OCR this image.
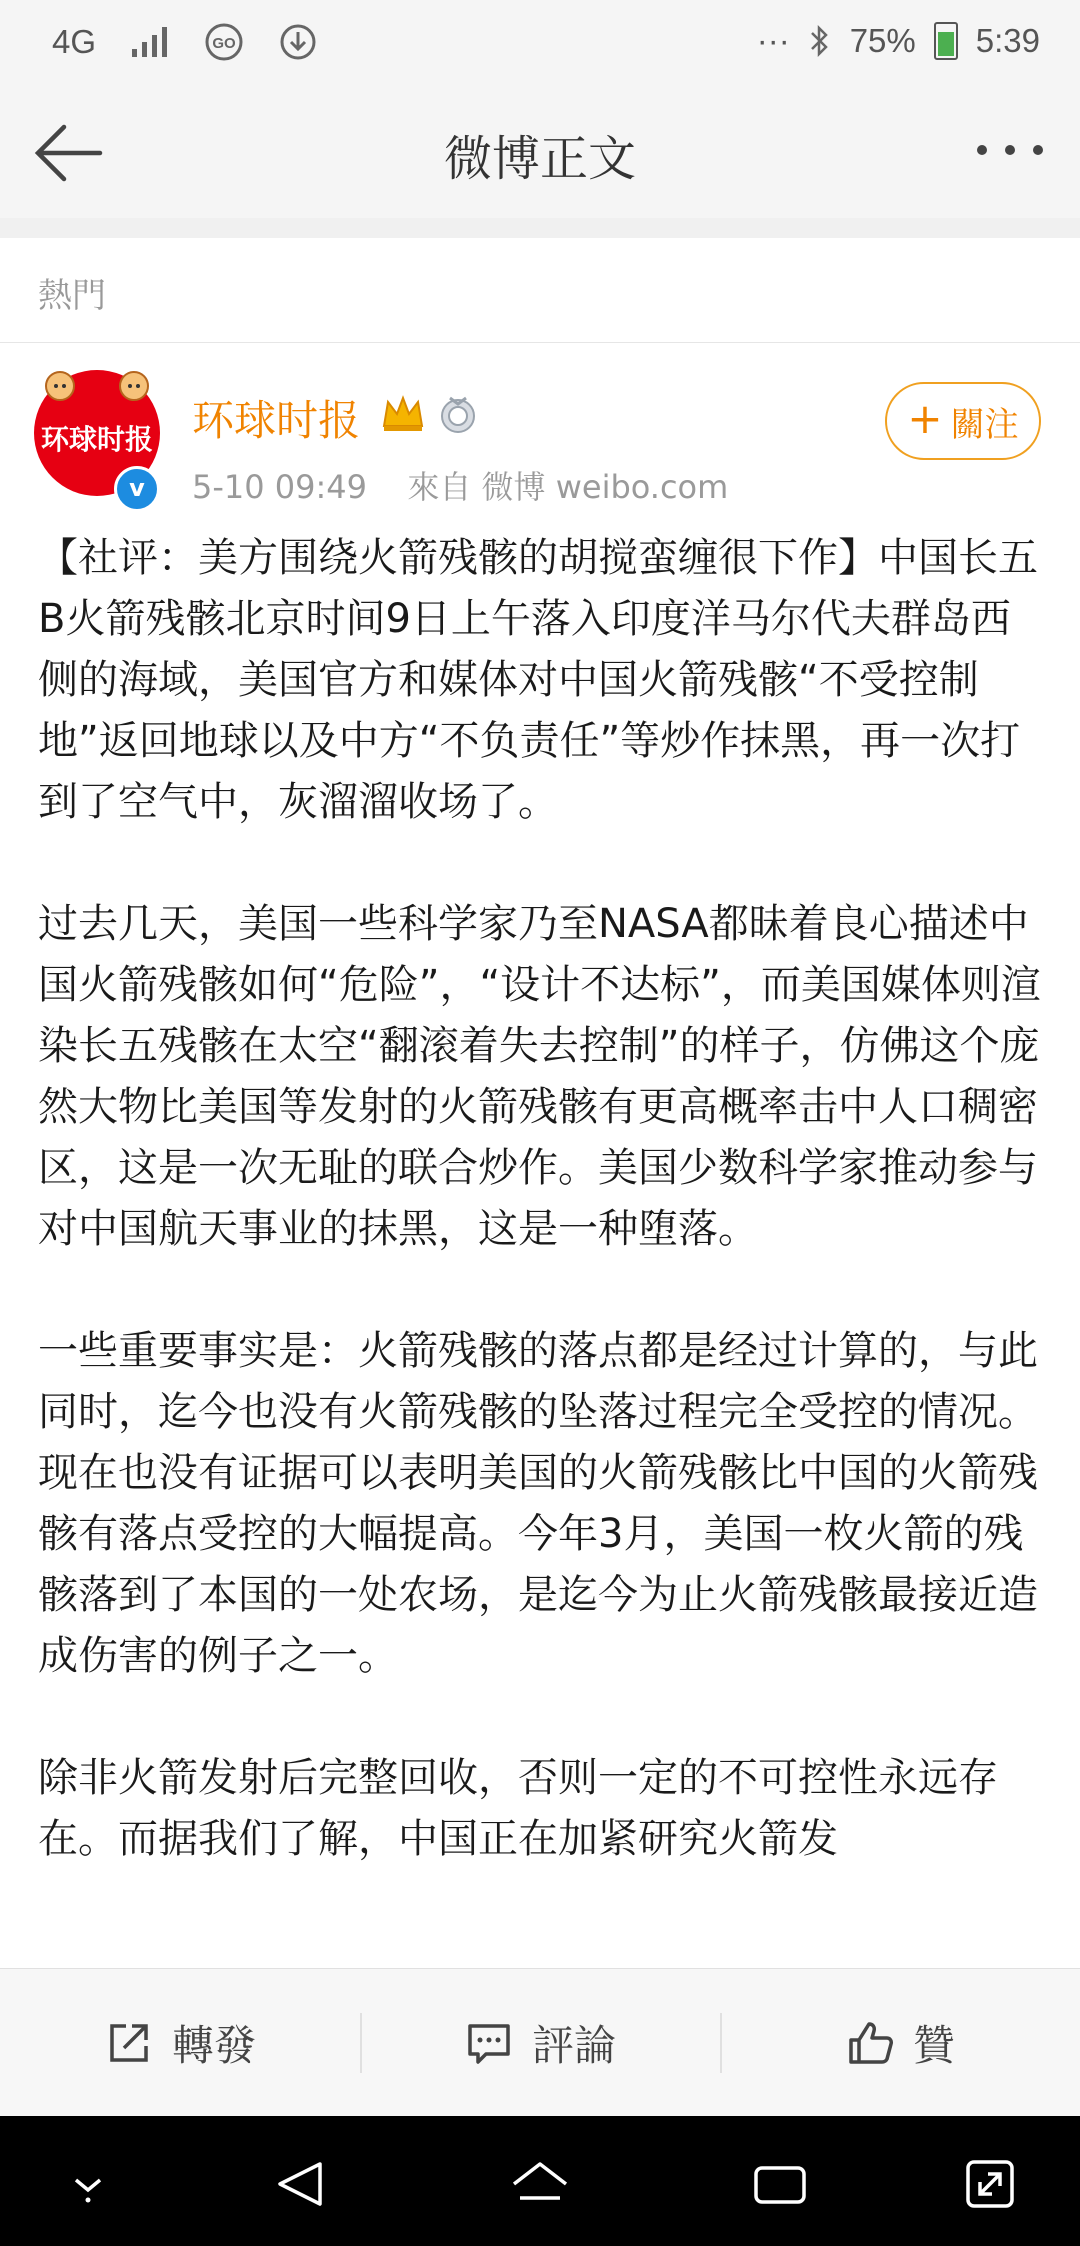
4G	GO	··· 75% 5:39
微博正文
熱門
环球时报
v
环球时报
5-10 09:49 來自 微博 weibo.com
+ 關注

【社评：美方围绕火箭残骸的胡搅蛮缠很下作】中国长五B火箭残骸北京时间9日上午落入印度洋马尔代夫群岛西侧的海域，美国官方和媒体对中国火箭残骸“不受控制地”返回地球以及中方“不负责任”等炒作抹黑，再一次打到了空气中，灰溜溜收场了。

过去几天，美国一些科学家乃至NASA都昧着良心描述中国火箭残骸如何“危险”，“设计不达标”，而美国媒体则渲染长五残骸在太空“翻滚着失去控制”的样子，仿佛这个庞然大物比美国等发射的火箭残骸有更高概率击中人口稠密区，这是一次无耻的联合炒作。美国少数科学家推动参与对中国航天事业的抹黑，这是一种堕落。

一些重要事实是：火箭残骸的落点都是经过计算的，与此同时，迄今也没有火箭残骸的坠落过程完全受控的情况。现在也没有证据可以表明美国的火箭残骸比中国的火箭残骸有落点受控的大幅提高。今年3月，美国一枚火箭的残骸落到了本国的一处农场，是迄今为止火箭残骸最接近造成伤害的例子之一。

除非火箭发射后完整回收，否则一定的不可控性永远存在。而据我们了解，中国正在加紧研究火箭发

轉發	評論	贊
